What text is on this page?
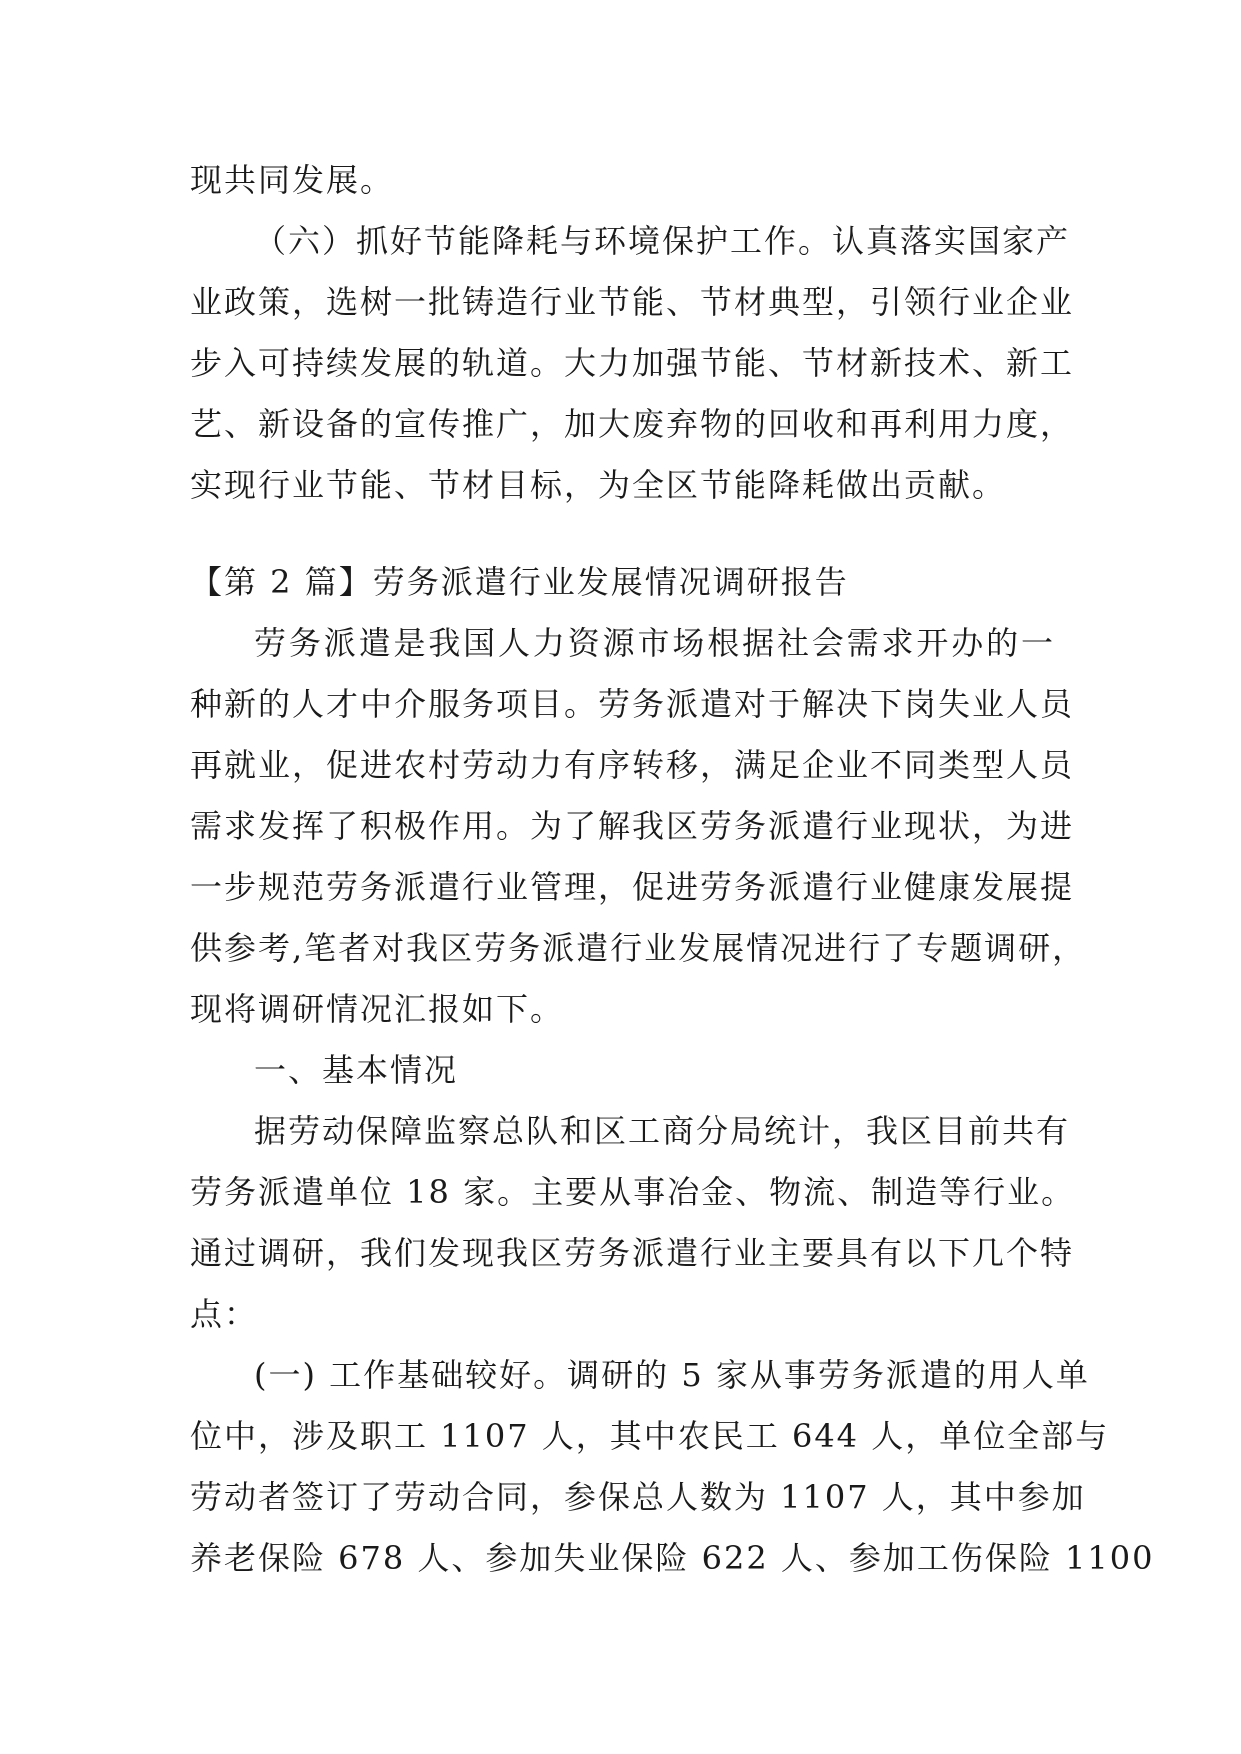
现共同发展。
（六）抓好节能降耗与环境保护工作。认真落实国家产
业政策，选树一批铸造行业节能、节材典型，引领行业企业
步入可持续发展的轨道。大力加强节能、节材新技术、新工
艺、新设备的宣传推广，加大废弃物的回收和再利用力度，
实现行业节能、节材目标，为全区节能降耗做出贡献。
【第 2 篇】劳务派遣行业发展情况调研报告
劳务派遣是我国人力资源市场根据社会需求开办的一
种新的人才中介服务项目。劳务派遣对于解决下岗失业人员
再就业，促进农村劳动力有序转移，满足企业不同类型人员
需求发挥了积极作用。为了解我区劳务派遣行业现状，为进
一步规范劳务派遣行业管理，促进劳务派遣行业健康发展提
供参考,笔者对我区劳务派遣行业发展情况进行了专题调研，
现将调研情况汇报如下。
一、基本情况
据劳动保障监察总队和区工商分局统计，我区目前共有
劳务派遣单位 18 家。主要从事冶金、物流、制造等行业。
通过调研，我们发现我区劳务派遣行业主要具有以下几个特
点：
(一) 工作基础较好。调研的 5 家从事劳务派遣的用人单
位中，涉及职工 1107 人，其中农民工 644 人，单位全部与
劳动者签订了劳动合同，参保总人数为 1107 人，其中参加
养老保险 678 人、参加失业保险 622 人、参加工伤保险 1100
